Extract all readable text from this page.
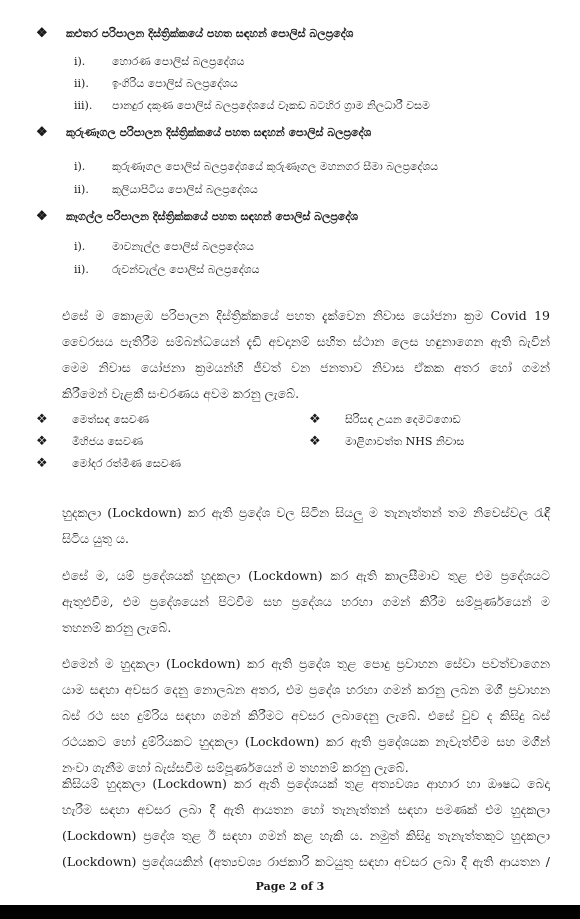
❖	කළුතර පරිපාලන දිස්ත්‍රික්කයේ පහත සඳහන් පොලිස් බලප්‍රදේශ
i).	හොරණ පොලිස් බලප්‍රදේශය
ii).	ඉංගිරිය පොලිස් බලප්‍රදේශය
iii).	පානදුර දකුණ පොලිස් බලප්‍රදේශයේ වෑකඩ බටහිර ග්‍රාම නිලධාරී වසම
❖	කුරුණෑගල පරිපාලන දිස්ත්‍රික්කයේ පහත සඳහන් පොලිස් බලප්‍රදේශ
i).	කුරුණෑගල පොලිස් බලප්‍රදේශයේ කුරුණෑගල මහනගර සීමා බලප්‍රදේශය
ii).	කුලියාපිටිය පොලිස් බලප්‍රදේශය
❖	කෑගල්ල පරිපාලන දිස්ත්‍රික්කයේ පහත සඳහන් පොලිස් බලප්‍රදේශ
i).	මාවනැල්ල පොලිස් බලප්‍රදේශය
ii).	රුවන්වැල්ල පොලිස් බලප්‍රදේශය
එසේ ම කොළඹ පරිපාලන දිස්ත්‍රික්කයේ පහත දැක්වෙන නිවාස යෝජනා ක්‍රම Covid 19
වෛරසය පැතිරීම සම්බන්ධයෙන් දැඩි අවදානම් සහිත ස්ථාන ලෙස හඳුනාගෙන ඇති බැවින්
මෙම නිවාස යෝජනා ක්‍රමයන්හි ජීවත් වන ජනතාව නිවාස ඒකක අතර හෝ ගමන්
කිරීමෙන් වැළකී සංචරණය අවම කරනු ලැබේ.
❖	මෙත්සඳ සෙවණ
❖	මිහිජය සෙවණ
❖	මෝදර රත්මිණ සෙවණ
❖	සිරිසඳ උයන දෙමටගොඩ
❖	මාළිගාවත්ත NHS නිවාස
හුදකලා (Lockdown) කර ඇති ප්‍රදේශ වල සිටින සියලු ම තැනැත්තන් තම නිවෙස්වල රැඳී
සිටිය යුතු ය.
එසේ ම, යම් ප්‍රදේශයක් හුදකලා (Lockdown) කර ඇති කාලසීමාව තුළ එම ප්‍රදේශයට
ඇතුළුවීම, එම ප්‍රදේශයෙන් පිටවීම සහ ප්‍රදේශය හරහා ගමන් කිරීම සම්පූර්ණයෙන් ම
තහනම් කරනු ලැබේ.
එමෙන් ම හුදකලා (Lockdown) කර ඇති ප්‍රදේශ තුළ පොදු ප්‍රවාහන සේවා පවත්වාගෙන
යාම සඳහා අවසර දෙනු නොලබන අතර, එම ප්‍රදේශ හරහා ගමන් කරනු ලබන මගී ප්‍රවාහන
බස් රථ සහ දුම්රිය සඳහා ගමන් කිරීමට අවසර ලබාදෙනු ලැබේ. එසේ වුව ද කිසිදු බස්
රථයකට හෝ දුම්රියකට හුදකලා (Lockdown) කර ඇති ප්‍රදේශයක නැවැත්වීම සහ මගීන්
නංවා ගැනීම හෝ බැස්සවීම සම්පූර්ණයෙන් ම තහනම් කරනු ලැබේ.
කිසියම් හුදකලා (Lockdown) කර ඇති ප්‍රදේශයක් තුළ අත්‍යවශ්‍ය ආහාර හා ඖෂධ බෙදා
හැරීම සඳහා අවසර ලබා දී ඇති ආයතන හෝ තැනැත්තන් සඳහා පමණක් එම හුදකලා
(Lockdown) ප්‍රදේශ තුළ ඊ සඳහා ගමන් කළ හැකි ය. නමුත් කිසිදු තැනැත්තකුට හුදකලා
(Lockdown) ප්‍රදේශයකින් (අත්‍යවශ්‍ය රාජකාරි කටයුතු සඳහා අවසර ලබා දී ඇති ආයතන /
Page 2 of 3
